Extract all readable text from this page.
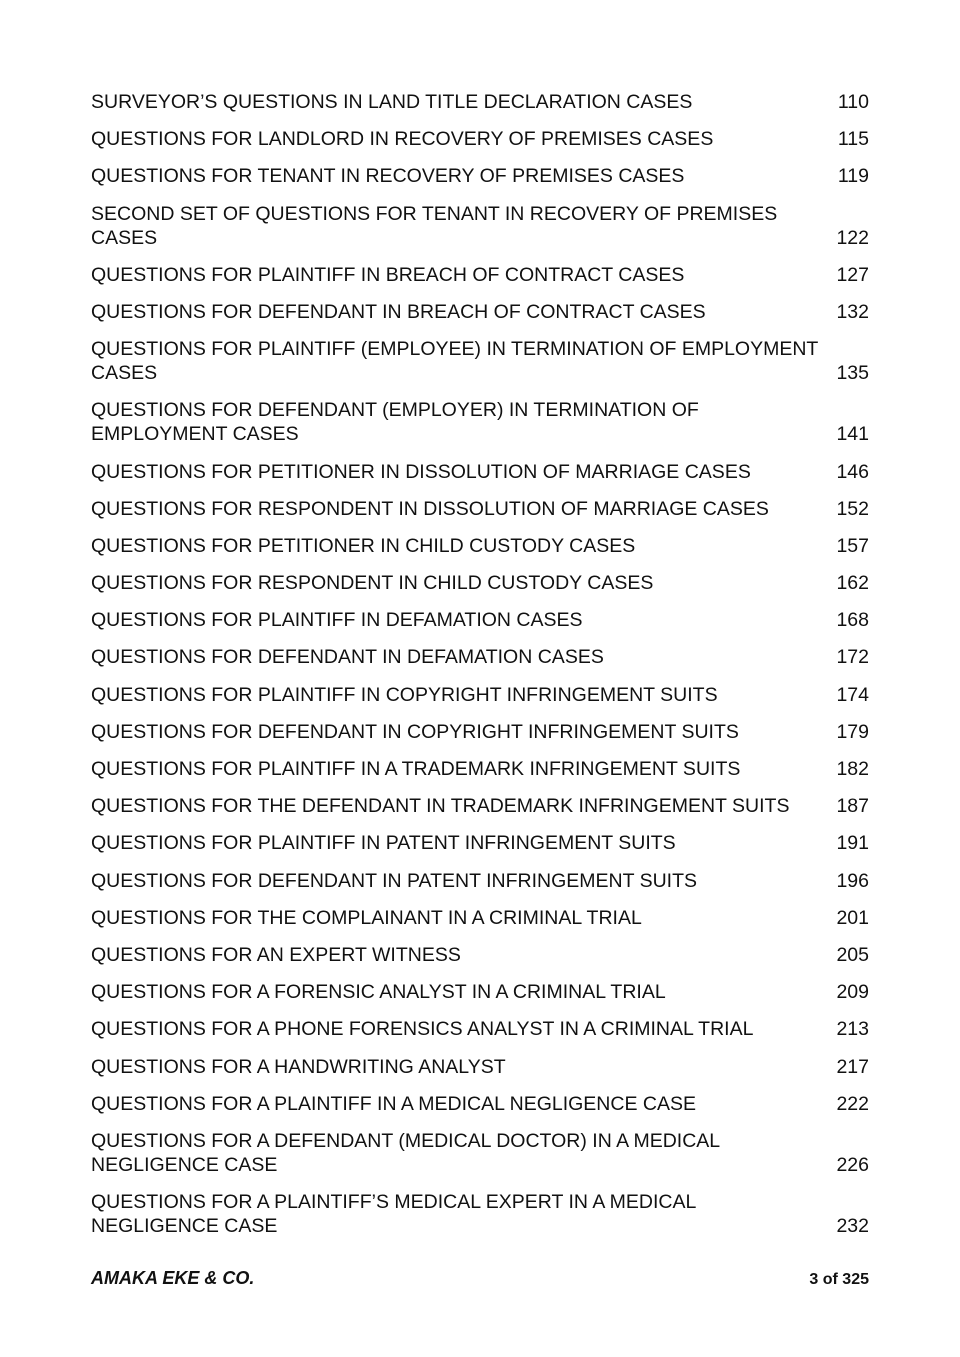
SURVEYOR’S QUESTIONS IN LAND TITLE DECLARATION CASES	110
QUESTIONS FOR LANDLORD IN RECOVERY OF PREMISES CASES	115
QUESTIONS FOR TENANT IN RECOVERY OF PREMISES CASES	119
SECOND SET OF QUESTIONS FOR TENANT IN RECOVERY OF PREMISES CASES	122
QUESTIONS FOR PLAINTIFF IN BREACH OF CONTRACT CASES	127
QUESTIONS FOR DEFENDANT IN BREACH OF CONTRACT CASES	132
QUESTIONS FOR PLAINTIFF (EMPLOYEE) IN TERMINATION OF EMPLOYMENT CASES	135
QUESTIONS FOR DEFENDANT (EMPLOYER) IN TERMINATION OF EMPLOYMENT CASES	141
QUESTIONS FOR PETITIONER IN DISSOLUTION OF MARRIAGE CASES	146
QUESTIONS FOR RESPONDENT IN DISSOLUTION OF MARRIAGE CASES	152
QUESTIONS FOR PETITIONER IN CHILD CUSTODY CASES	157
QUESTIONS FOR RESPONDENT IN CHILD CUSTODY CASES	162
QUESTIONS FOR PLAINTIFF IN DEFAMATION CASES	168
QUESTIONS FOR DEFENDANT IN DEFAMATION CASES	172
QUESTIONS FOR PLAINTIFF IN COPYRIGHT INFRINGEMENT SUITS	174
QUESTIONS FOR DEFENDANT IN COPYRIGHT INFRINGEMENT SUITS	179
QUESTIONS FOR PLAINTIFF IN A TRADEMARK INFRINGEMENT SUITS	182
QUESTIONS FOR THE DEFENDANT IN TRADEMARK INFRINGEMENT SUITS	187
QUESTIONS FOR PLAINTIFF IN PATENT INFRINGEMENT SUITS	191
QUESTIONS FOR DEFENDANT IN PATENT INFRINGEMENT SUITS	196
QUESTIONS FOR THE COMPLAINANT IN A CRIMINAL TRIAL	201
QUESTIONS FOR AN EXPERT WITNESS	205
QUESTIONS FOR A FORENSIC ANALYST IN A CRIMINAL TRIAL	209
QUESTIONS FOR A PHONE FORENSICS ANALYST IN A CRIMINAL TRIAL	213
QUESTIONS FOR A HANDWRITING ANALYST	217
QUESTIONS FOR A PLAINTIFF IN A MEDICAL NEGLIGENCE CASE	222
QUESTIONS FOR A DEFENDANT (MEDICAL DOCTOR) IN A MEDICAL NEGLIGENCE CASE	226
QUESTIONS FOR A PLAINTIFF’S MEDICAL EXPERT IN A MEDICAL NEGLIGENCE CASE	232
AMAKA EKE & CO.	3 of 325
